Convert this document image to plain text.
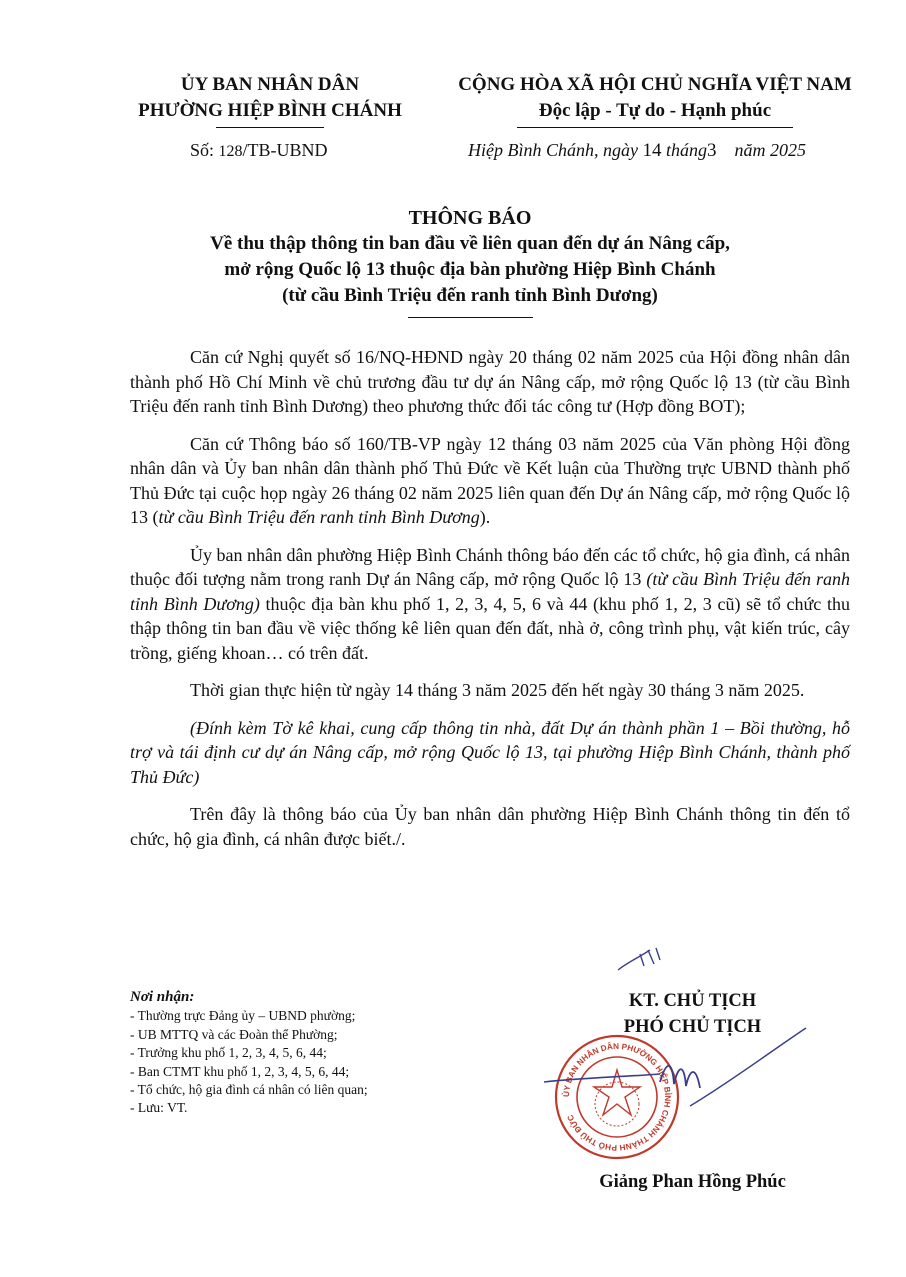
ỦY BAN NHÂN DÂN
PHƯỜNG HIỆP BÌNH CHÁNH
CỘNG HÒA XÃ HỘI CHỦ NGHĨA VIỆT NAM
Độc lập - Tự do - Hạnh phúc
Số: 128/TB-UBND	Hiệp Bình Chánh, ngày 14 tháng3 năm 2025
THÔNG BÁO
Về thu thập thông tin ban đầu về liên quan đến dự án Nâng cấp,
mở rộng Quốc lộ 13 thuộc địa bàn phường Hiệp Bình Chánh
(từ cầu Bình Triệu đến ranh tỉnh Bình Dương)

Căn cứ Nghị quyết số 16/NQ-HĐND ngày 20 tháng 02 năm 2025 của Hội đồng nhân dân thành phố Hồ Chí Minh về chủ trương đầu tư dự án Nâng cấp, mở rộng Quốc lộ 13 (từ cầu Bình Triệu đến ranh tỉnh Bình Dương) theo phương thức đối tác công tư (Hợp đồng BOT);

Căn cứ Thông báo số 160/TB-VP ngày 12 tháng 03 năm 2025 của Văn phòng Hội đồng nhân dân và Ủy ban nhân dân thành phố Thủ Đức về Kết luận của Thường trực UBND thành phố Thủ Đức tại cuộc họp ngày 26 tháng 02 năm 2025 liên quan đến Dự án Nâng cấp, mở rộng Quốc lộ 13 (từ cầu Bình Triệu đến ranh tỉnh Bình Dương).

Ủy ban nhân dân phường Hiệp Bình Chánh thông báo đến các tổ chức, hộ gia đình, cá nhân thuộc đối tượng nằm trong ranh Dự án Nâng cấp, mở rộng Quốc lộ 13 (từ cầu Bình Triệu đến ranh tỉnh Bình Dương) thuộc địa bàn khu phố 1, 2, 3, 4, 5, 6 và 44 (khu phố 1, 2, 3 cũ) sẽ tổ chức thu thập thông tin ban đầu về việc thống kê liên quan đến đất, nhà ở, công trình phụ, vật kiến trúc, cây trồng, giếng khoan… có trên đất.

Thời gian thực hiện từ ngày 14 tháng 3 năm 2025 đến hết ngày 30 tháng 3 năm 2025.

(Đính kèm Tờ kê khai, cung cấp thông tin nhà, đất Dự án thành phần 1 – Bồi thường, hỗ trợ và tái định cư dự án Nâng cấp, mở rộng Quốc lộ 13, tại phường Hiệp Bình Chánh, thành phố Thủ Đức)

Trên đây là thông báo của Ủy ban nhân dân phường Hiệp Bình Chánh thông tin đến tổ chức, hộ gia đình, cá nhân được biết./.

Nơi nhận:
- Thường trực Đảng ủy – UBND phường;
- UB MTTQ và các Đoàn thể Phường;
- Trưởng khu phố 1, 2, 3, 4, 5, 6, 44;
- Ban CTMT khu phố 1, 2, 3, 4, 5, 6, 44;
- Tổ chức, hộ gia đình cá nhân có liên quan;
- Lưu: VT.
KT. CHỦ TỊCH
PHÓ CHỦ TỊCH
ỦY BAN NHÂN DÂN PHƯỜNG HIỆP BÌNH CHÁNH THÀNH PHỐ THỦ ĐỨC
Giảng Phan Hồng Phúc
